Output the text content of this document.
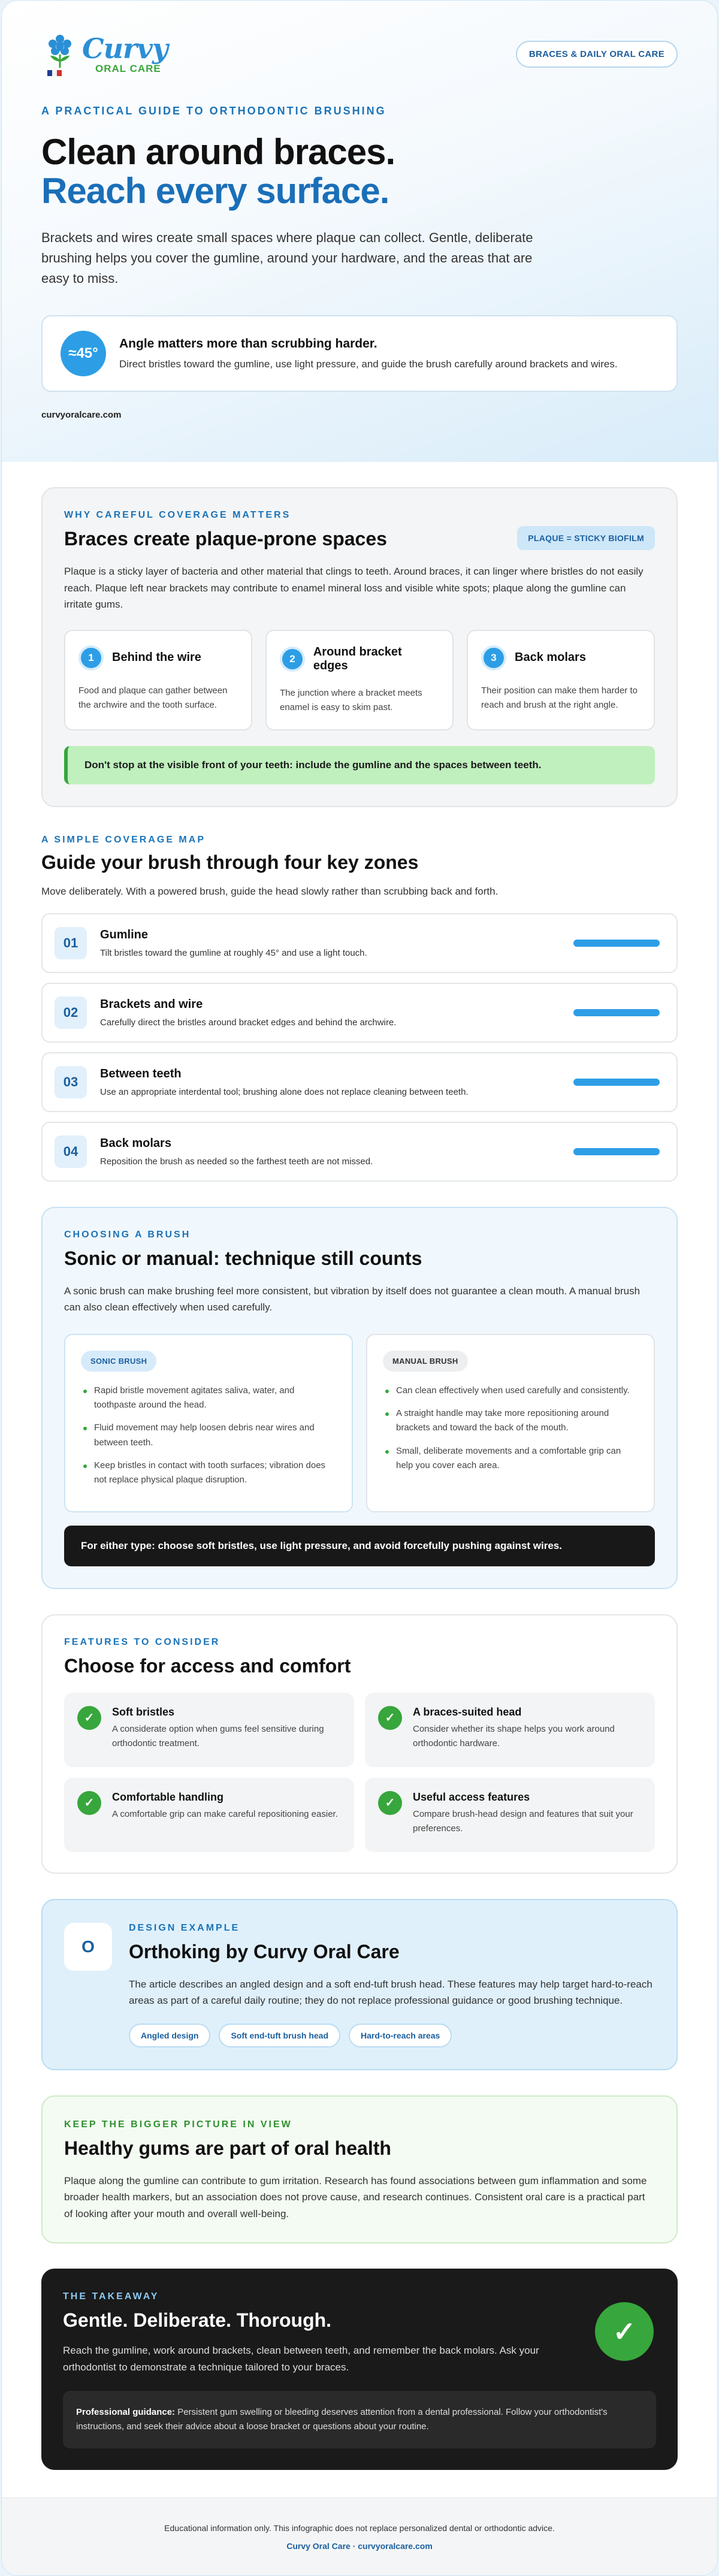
Curvy
ORAL CARE
BRACES & DAILY ORAL CARE
A PRACTICAL GUIDE TO ORTHODONTIC BRUSHING
Clean around braces.
Reach every surface.

Brackets and wires create small spaces where plaque can collect. Gentle, deliberate brushing helps you cover the gumline, around your hardware, and the areas that are easy to miss.

≈45°
Angle matters more than scrubbing harder.
Direct bristles toward the gumline, use light pressure, and guide the brush carefully around brackets and wires.
curvyoralcare.com
WHY CAREFUL COVERAGE MATTERS
Braces create plaque-prone spaces	PLAQUE = STICKY BIOFILM

Plaque is a sticky layer of bacteria and other material that clings to teeth. Around braces, it can linger where bristles do not easily reach. Plaque left near brackets may contribute to enamel mineral loss and visible white spots; plaque along the gumline can irritate gums.

1	Behind the wire
Food and plaque can gather between the archwire and the tooth surface.
2
Around bracket edges
The junction where a bracket meets enamel is easy to skim past.
3	Back molars
Their position can make them harder to reach and brush at the right angle.
Don't stop at the visible front of your teeth: include the gumline and the spaces between teeth.
A SIMPLE COVERAGE MAP
Guide your brush through four key zones

Move deliberately. With a powered brush, guide the head slowly rather than scrubbing back and forth.

01
Gumline
Tilt bristles toward the gumline at roughly 45° and use a light touch.
02
Brackets and wire
Carefully direct the bristles around bracket edges and behind the archwire.
03
Between teeth
Use an appropriate interdental tool; brushing alone does not replace cleaning between teeth.
04
Back molars
Reposition the brush as needed so the farthest teeth are not missed.
CHOOSING A BRUSH
Sonic or manual: technique still counts

A sonic brush can make brushing feel more consistent, but vibration by itself does not guarantee a clean mouth. A manual brush can also clean effectively when used carefully.

SONIC BRUSH
Rapid bristle movement agitates saliva, water, and toothpaste around the head.
Fluid movement may help loosen debris near wires and between teeth.
Keep bristles in contact with tooth surfaces; vibration does not replace physical plaque disruption.
MANUAL BRUSH
Can clean effectively when used carefully and consistently.
A straight handle may take more repositioning around brackets and toward the back of the mouth.
Small, deliberate movements and a comfortable grip can help you cover each area.
For either type: choose soft bristles, use light pressure, and avoid forcefully pushing against wires.
FEATURES TO CONSIDER
Choose for access and comfort
✓	Soft bristles
A considerate option when gums feel sensitive during orthodontic treatment.
✓	A braces-suited head
Consider whether its shape helps you work around orthodontic hardware.
✓	Comfortable handling
A comfortable grip can make careful repositioning easier.
✓	Useful access features
Compare brush-head design and features that suit your preferences.
O
DESIGN EXAMPLE
Orthoking by Curvy Oral Care

The article describes an angled design and a soft end-tuft brush head. These features may help target hard-to-reach areas as part of a careful daily routine; they do not replace professional guidance or good brushing technique.

Angled design	Soft end-tuft brush head	Hard-to-reach areas
KEEP THE BIGGER PICTURE IN VIEW
Healthy gums are part of oral health

Plaque along the gumline can contribute to gum irritation. Research has found associations between gum inflammation and some broader health markers, but an association does not prove cause, and research continues. Consistent oral care is a practical part of looking after your mouth and overall well-being.

THE TAKEAWAY
Gentle. Deliberate. Thorough.

Reach the gumline, work around brackets, clean between teeth, and remember the back molars. Ask your orthodontist to demonstrate a technique tailored to your braces.

✓
Professional guidance: Persistent gum swelling or bleeding deserves attention from a dental professional. Follow your orthodontist's instructions, and seek their advice about a loose bracket or questions about your routine.
Educational information only. This infographic does not replace personalized dental or orthodontic advice.
Curvy Oral Care · curvyoralcare.com
